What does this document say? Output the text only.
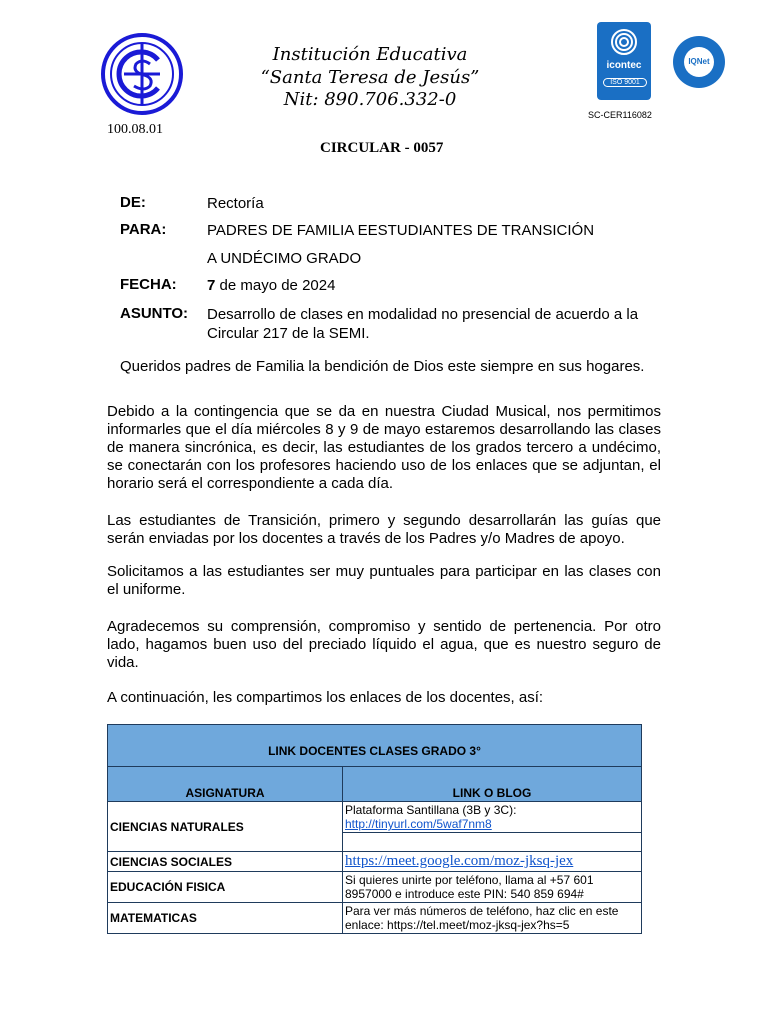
Institución Educativa
“Santa Teresa de Jesús”
Nit: 890.706.332-0
icontec
ISO 9001
IQNet
SC-CER116082
100.08.01
CIRCULAR - 0057
DE:	Rectoría
PARA:	PADRES DE FAMILIA EESTUDIANTES DE TRANSICIÓN
A UNDÉCIMO GRADO
FECHA: 7 de mayo de 2024
ASUNTO: Desarrollo de clases en modalidad no presencial de acuerdo a la Circular 217 de la SEMI.
Queridos padres de Familia la bendición de Dios este siempre en sus hogares.
Debido a la contingencia que se da en nuestra Ciudad Musical, nos permitimos informarles que el día miércoles 8 y 9 de mayo estaremos desarrollando las clases de manera sincrónica, es decir, las estudiantes de los grados tercero a undécimo, se conectarán con los profesores haciendo uso de los enlaces que se adjuntan, el horario será el correspondiente a cada día.
Las estudiantes de Transición, primero y segundo desarrollarán las guías que serán enviadas por los docentes a través de los Padres y/o Madres de apoyo.
Solicitamos a las estudiantes ser muy puntuales para participar en las clases con el uniforme.
Agradecemos su comprensión, compromiso y sentido de pertenencia. Por otro lado, hagamos buen uso del preciado líquido el agua, que es nuestro seguro de vida.
A continuación, les compartimos los enlaces de los docentes, así:
LINK DOCENTES CLASES GRADO 3°	
ASIGNATURA	LINK O BLOG
CIENCIAS NATURALES	Plataforma Santillana (3B y 3C): http://tinyurl.com/5waf7nm8

CIENCIAS SOCIALES	https://meet.google.com/moz-jksq-jex
EDUCACIÓN FISICA	Si quieres unirte por teléfono, llama al +57 601 8957000 e introduce este PIN: 540 859 694#
MATEMATICAS	Para ver más números de teléfono, haz clic en este enlace: https://tel.meet/moz-jksq-jex?hs=5
